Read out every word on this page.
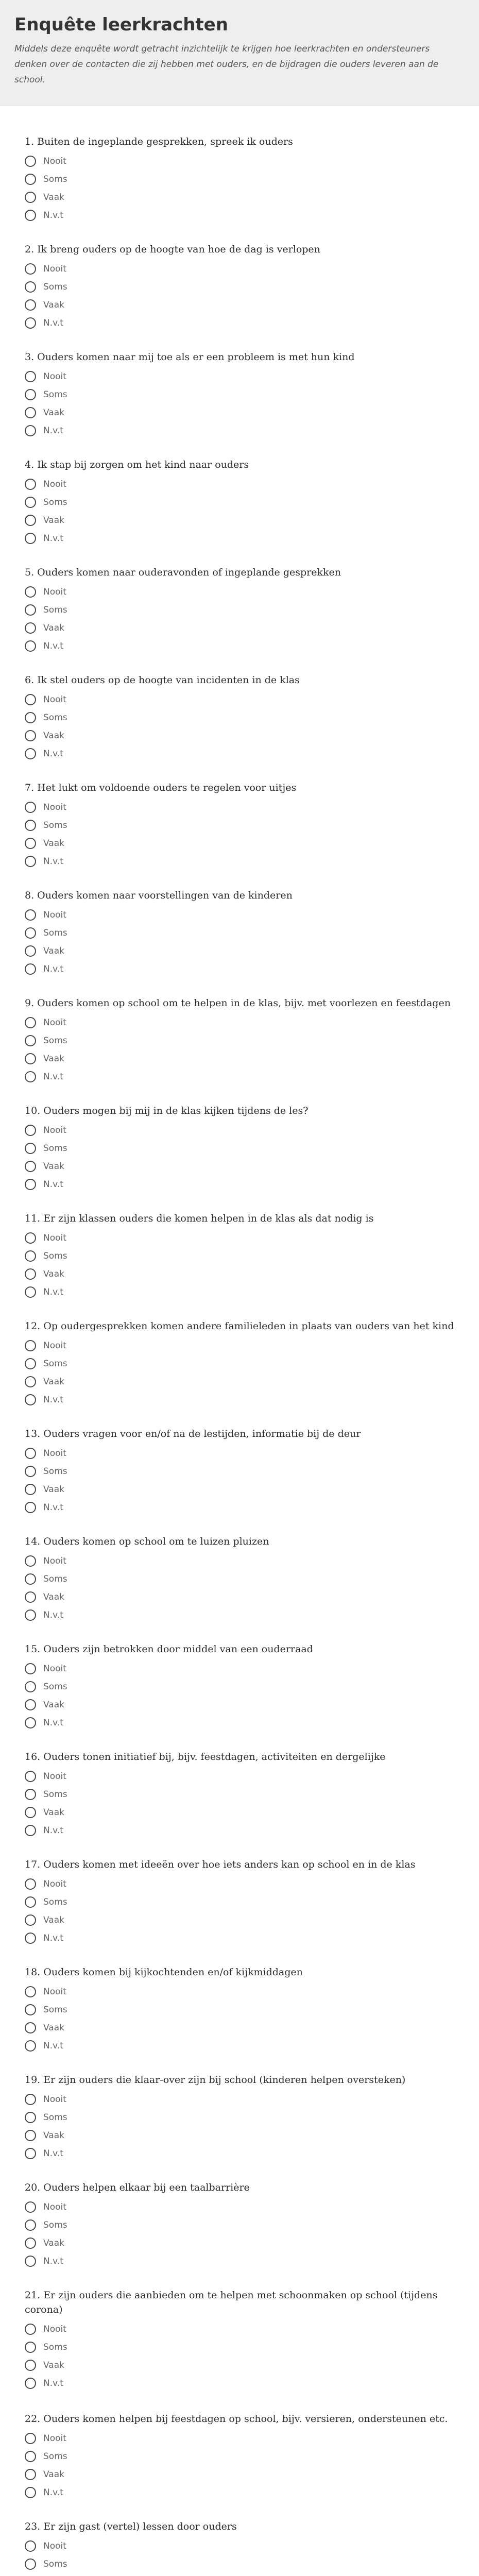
Enquête leerkrachten

Middels deze enquête wordt getracht inzichtelijk te krijgen hoe leerkrachten en ondersteuners denken over de contacten die zij hebben met ouders, en de bijdragen die ouders leveren aan de school.

1. Buiten de ingeplande gesprekken, spreek ik ouders
Nooit
Soms
Vaak
N.v.t
2. Ik breng ouders op de hoogte van hoe de dag is verlopen
Nooit
Soms
Vaak
N.v.t
3. Ouders komen naar mij toe als er een probleem is met hun kind
Nooit
Soms
Vaak
N.v.t
4. Ik stap bij zorgen om het kind naar ouders
Nooit
Soms
Vaak
N.v.t
5. Ouders komen naar ouderavonden of ingeplande gesprekken
Nooit
Soms
Vaak
N.v.t
6. Ik stel ouders op de hoogte van incidenten in de klas
Nooit
Soms
Vaak
N.v.t
7. Het lukt om voldoende ouders te regelen voor uitjes
Nooit
Soms
Vaak
N.v.t
8. Ouders komen naar voorstellingen van de kinderen
Nooit
Soms
Vaak
N.v.t
9. Ouders komen op school om te helpen in de klas, bijv. met voorlezen en feestdagen
Nooit
Soms
Vaak
N.v.t
10. Ouders mogen bij mij in de klas kijken tijdens de les?
Nooit
Soms
Vaak
N.v.t
11. Er zijn klassen ouders die komen helpen in de klas als dat nodig is
Nooit
Soms
Vaak
N.v.t
12. Op oudergesprekken komen andere familieleden in plaats van ouders van het kind
Nooit
Soms
Vaak
N.v.t
13. Ouders vragen voor en/of na de lestijden, informatie bij de deur
Nooit
Soms
Vaak
N.v.t
14. Ouders komen op school om te luizen pluizen
Nooit
Soms
Vaak
N.v.t
15. Ouders zijn betrokken door middel van een ouderraad
Nooit
Soms
Vaak
N.v.t
16. Ouders tonen initiatief bij, bijv. feestdagen, activiteiten en dergelijke
Nooit
Soms
Vaak
N.v.t
17. Ouders komen met ideeën over hoe iets anders kan op school en in de klas
Nooit
Soms
Vaak
N.v.t
18. Ouders komen bij kijkochtenden en/of kijkmiddagen
Nooit
Soms
Vaak
N.v.t
19. Er zijn ouders die klaar-over zijn bij school (kinderen helpen oversteken)
Nooit
Soms
Vaak
N.v.t
20. Ouders helpen elkaar bij een taalbarrière
Nooit
Soms
Vaak
N.v.t
21. Er zijn ouders die aanbieden om te helpen met schoonmaken op school (tijdens corona)
Nooit
Soms
Vaak
N.v.t
22. Ouders komen helpen bij feestdagen op school, bijv. versieren, ondersteunen etc.
Nooit
Soms
Vaak
N.v.t
23. Er zijn gast (vertel) lessen door ouders
Nooit
Soms
